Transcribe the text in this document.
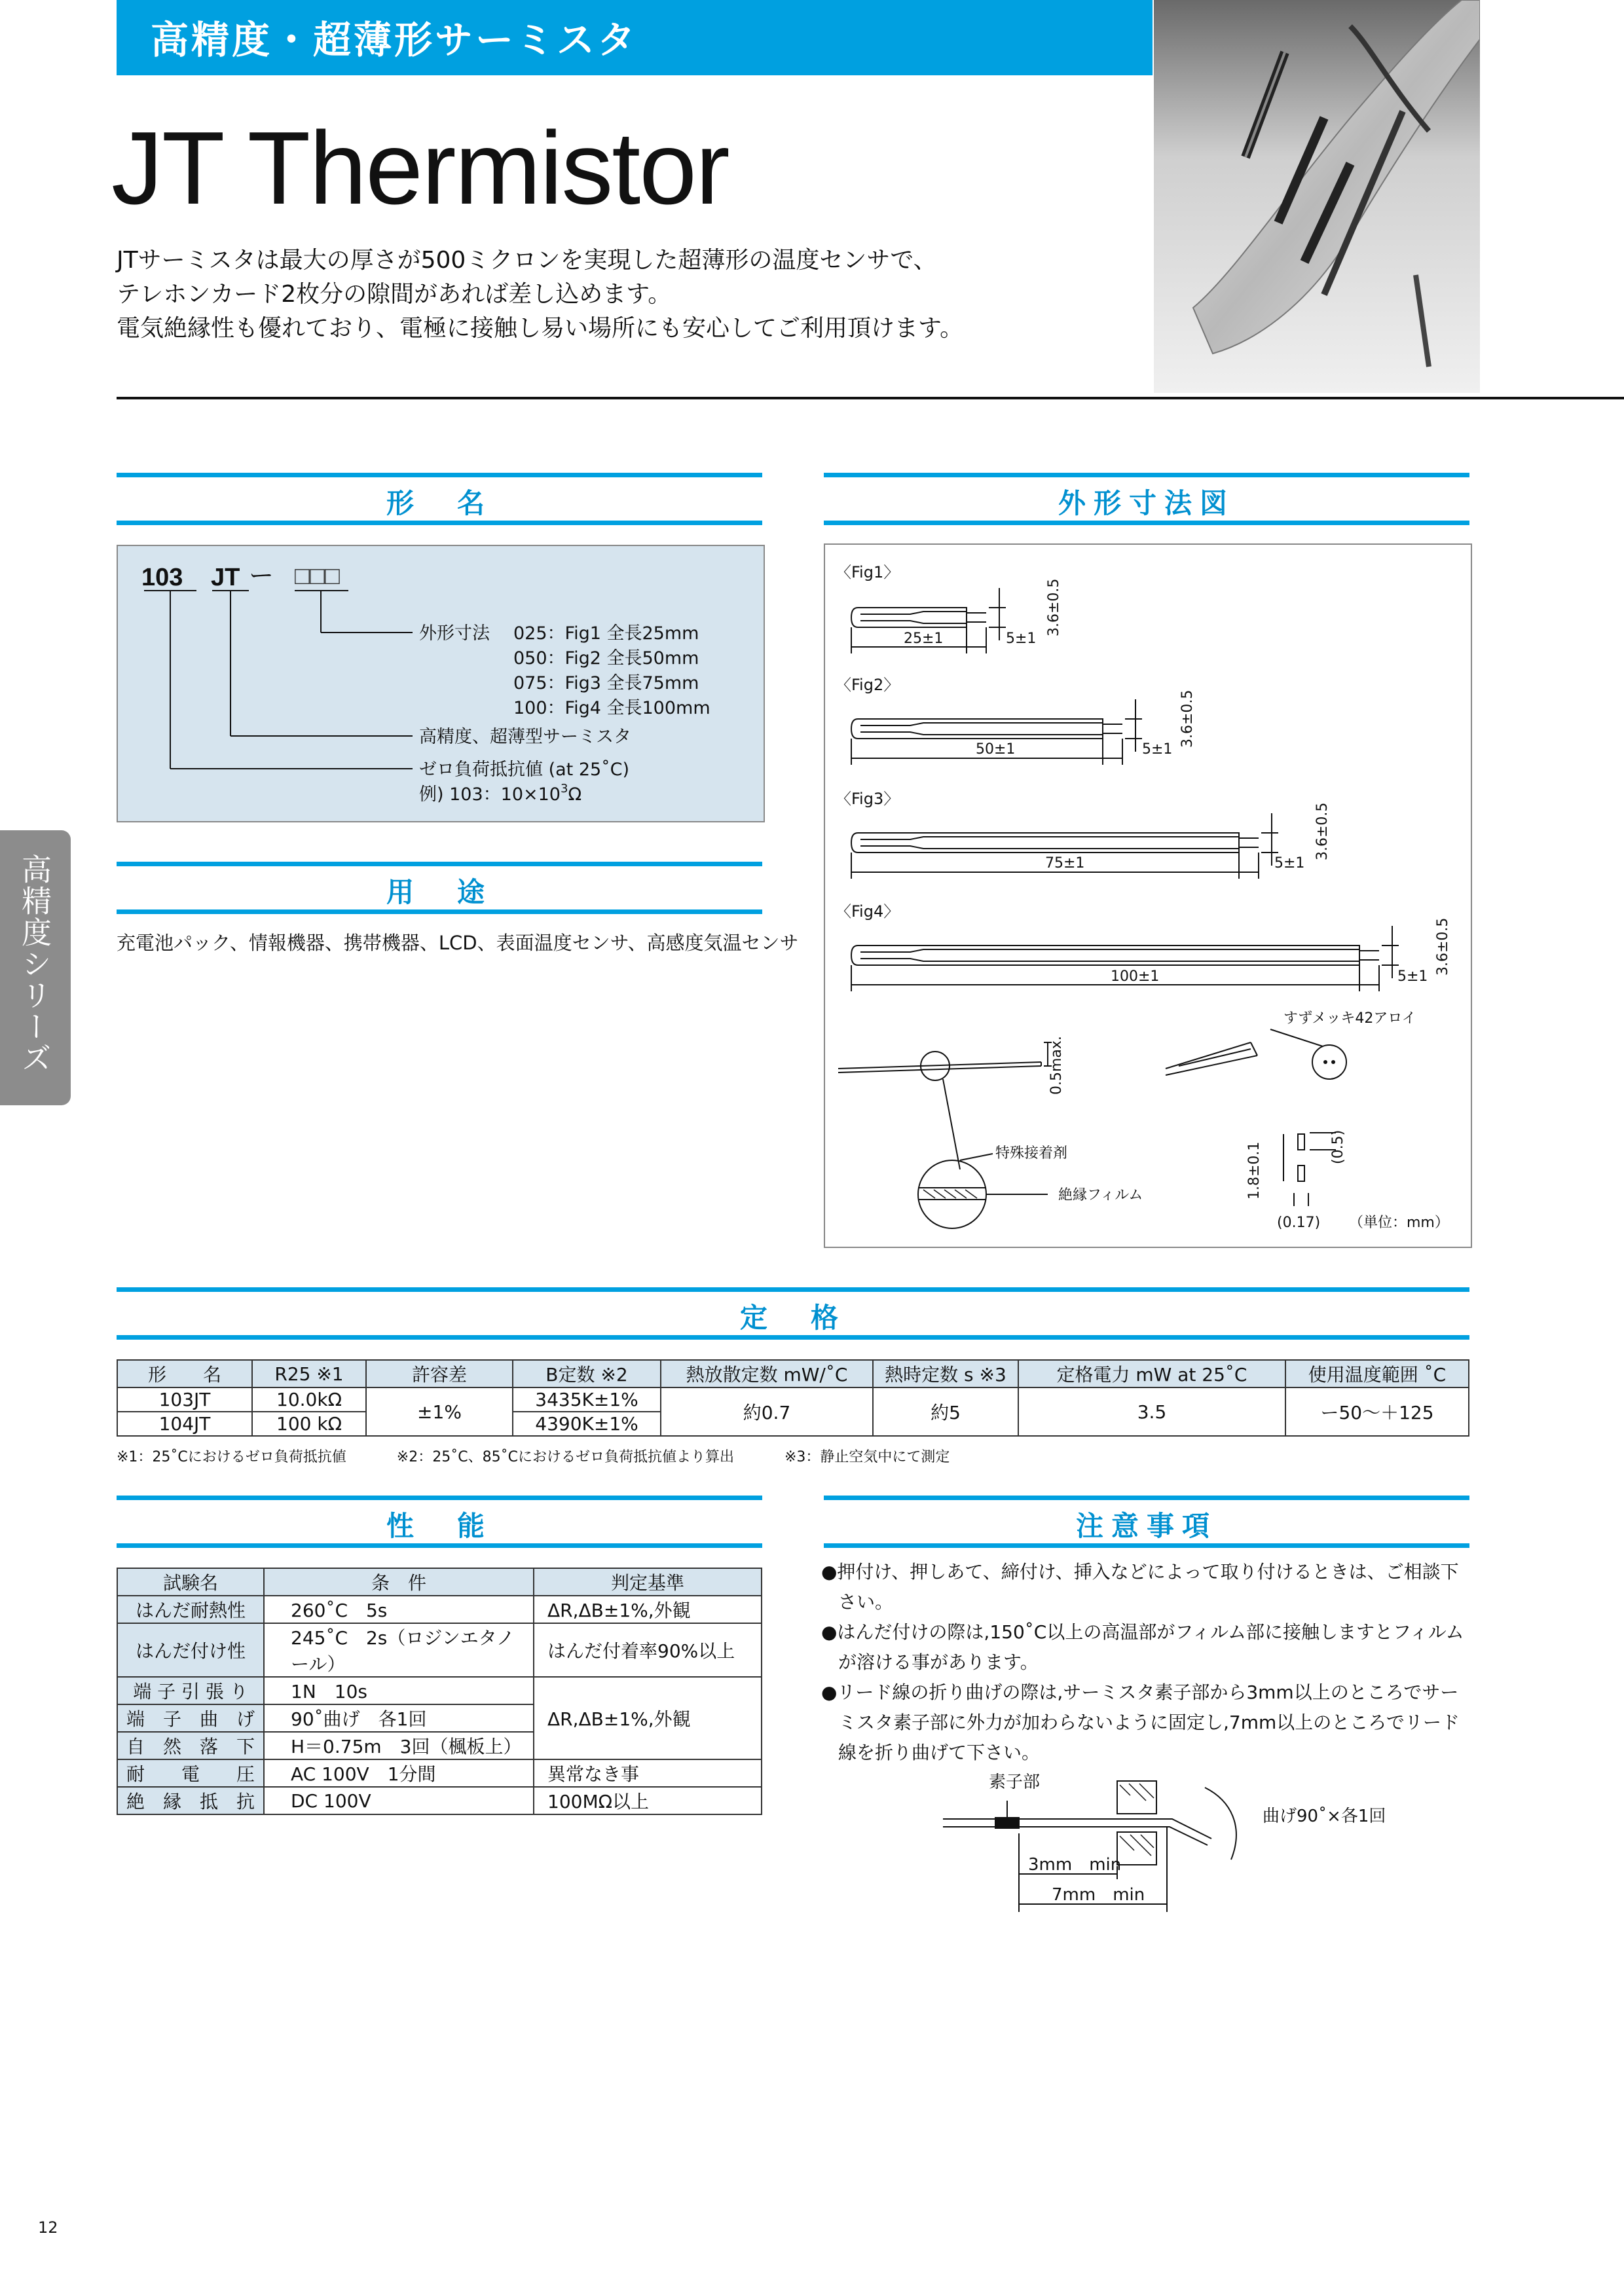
高精度・超薄形サーミスタ
JT Thermistor
JTサーミスタは最大の厚さが500ミクロンを実現した超薄形の温度センサで、
テレホンカード2枚分の隙間があれば差し込めます。
電気絶縁性も優れており、電極に接触し易い場所にも安心してご利用頂けます。
高精度シリーズ
形　名
103 JT ー □□□
外形寸法 025：Fig1 全長25mm
050：Fig2 全長50mm
075：Fig3 全長75mm
100：Fig4 全長100mm
高精度、超薄型サーミスタ
ゼロ負荷抵抗値 (at 25˚C)
例) 103：$10\times 10^3\Omega$
用　途
充電池パック、情報機器、携帯機器、LCD、表面温度センサ、高感度気温センサ
外形寸法図
〈Fig1〉
〈Fig2〉
〈Fig3〉
〈Fig4〉
25±1
50±1
75±1
100±1
5±1
5±1
5±1
5±1
3.6±0.5
3.6±0.5
3.6±0.5
3.6±0.5
0.5max.
すずメッキ42アロイ
特殊接着剤
絶縁フィルム	1.8±0.1	(0.5)
(0.17) （単位：mm）
定　格
形　　名	R25 ※1	許容差	B定数 ※2	熱放散定数 mW/˚C	熱時定数 s ※3	定格電力 mW at 25˚C	使用温度範囲 ˚C
103JT	10.0kΩ	±1%	3435K±1%	約0.7	約5	3.5	ー50〜＋125
104JT	100 kΩ		4390K±1%				
※1：25˚Cにおけるゼロ負荷抵抗値	※2：25˚C、85˚Cにおけるゼロ負荷抵抗値より算出	※3：静止空気中にて測定
性　能
試験名	条　件	判定基準
はんだ耐熱性	260˚C　5s	ΔR,ΔB±1%,外観
はんだ付け性	245˚C　2s（ロジンエタノール）	はんだ付着率90%以上
端 子 引 張 り	1N　10s	ΔR,ΔB±1%,外観
端　子　曲　げ	90˚曲げ　各1回	
自　然　落　下	H＝0.75m　3回（楓板上）	
耐　　電　　圧	AC 100V　1分間	異常なき事
絶　縁　抵　抗	DC 100V	100MΩ以上
注意事項

●押付け、押しあて、締付け、挿入などによって取り付けるときは、ご相談下さい。

●はんだ付けの際は,150˚C以上の高温部がフィルム部に接触しますとフィルムが溶ける事があります。

●リード線の折り曲げの際は,サーミスタ素子部から3mm以上のところでサーミスタ素子部に外力が加わらないように固定し,7mm以上のところでリード線を折り曲げて下さい。

素子部
曲げ90˚×各1回
3mm　min
7mm　min
12
